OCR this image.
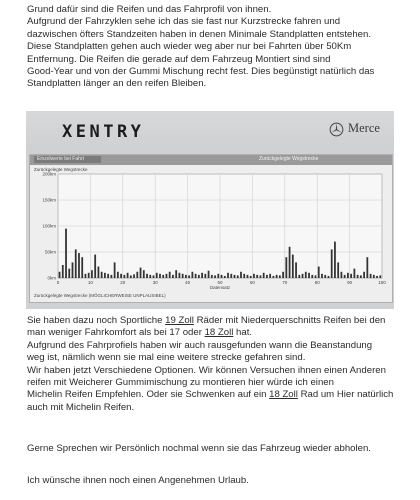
Grund dafür sind die Reifen und das Fahrprofil von ihnen.
Aufgrund der Fahrzyklen sehe ich das sie fast nur Kurzstrecke fahren und
dazwischen öfters Standzeiten haben in denen Minimale Standplatten entstehen.
Diese Standplatten gehen auch wieder weg aber nur bei Fahrten über 50Km
Entfernung. Die Reifen die gerade auf dem Fahrzeug Montiert sind sind
Good-Year und von der Gummi Mischung recht fest. Dies begünstigt natürlich das
Standplatten länger an den reifen Bleiben.
XENTRY	Merce
Einzelwerte bei Fahrt	Zurückgelegte Wegstrecke
Zurückgelegte Wegstrecke
0km
50km
100km
150km
200km
0	10	20	30	40	50	60	70	80	90	100
Datensatz
Zurückgelegte Wegstrecke (MÖGLICHERWEISE UNPLAUSIBEL)
Sie haben dazu noch Sportliche 19 Zoll Räder mit Niederquerschnitts Reifen bei den
man weniger Fahrkomfort als bei 17 oder 18 Zoll hat.
Aufgrund des Fahrprofiels haben wir auch rausgefunden wann die Beanstandung
weg ist, nämlich wenn sie mal eine weitere strecke gefahren sind.
Wir haben jetzt Verschiedene Optionen. Wir können Versuchen ihnen einen Anderen
reifen mit Weicherer Gummimischung zu montieren hier würde ich einen
Michelin Reifen Empfehlen. Oder sie Schwenken auf ein 18 Zoll Rad um Hier natürlich
auch mit Michelin Reifen.
Gerne Sprechen wir Persönlich nochmal wenn sie das Fahrzeug wieder abholen.
Ich wünsche ihnen noch einen Angenehmen Urlaub.
